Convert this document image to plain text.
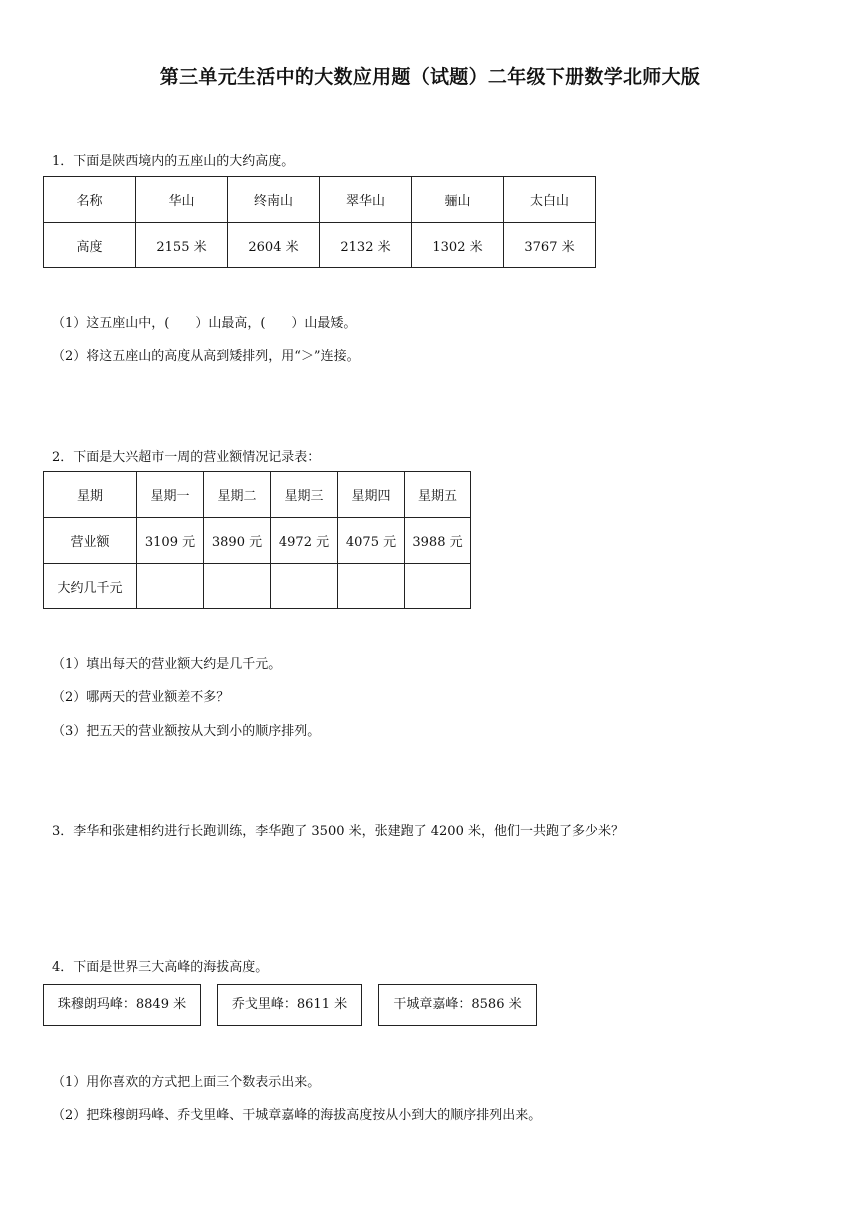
第三单元生活中的大数应用题（试题）二年级下册数学北师大版
1．下面是陕西境内的五座山的大约高度。
名称	华山	终南山	翠华山	骊山	太白山
高度	2155 米	2604 米	2132 米	1302 米	3767 米
（1）这五座山中，(　　）山最高，(　　）山最矮。
（2）将这五座山的高度从高到矮排列，用“＞”连接。
2．下面是大兴超市一周的营业额情况记录表：
星期	星期一	星期二	星期三	星期四	星期五
营业额	3109 元	3890 元	4972 元	4075 元	3988 元
大约几千元					
（1）填出每天的营业额大约是几千元。
（2）哪两天的营业额差不多？
（3）把五天的营业额按从大到小的顺序排列。
3．李华和张建相约进行长跑训练，李华跑了 3500 米，张建跑了 4200 米，他们一共跑了多少米？
4．下面是世界三大高峰的海拔高度。
珠穆朗玛峰：8849 米	乔戈里峰：8611 米	干城章嘉峰：8586 米
（1）用你喜欢的方式把上面三个数表示出来。
（2）把珠穆朗玛峰、乔戈里峰、干城章嘉峰的海拔高度按从小到大的顺序排列出来。
